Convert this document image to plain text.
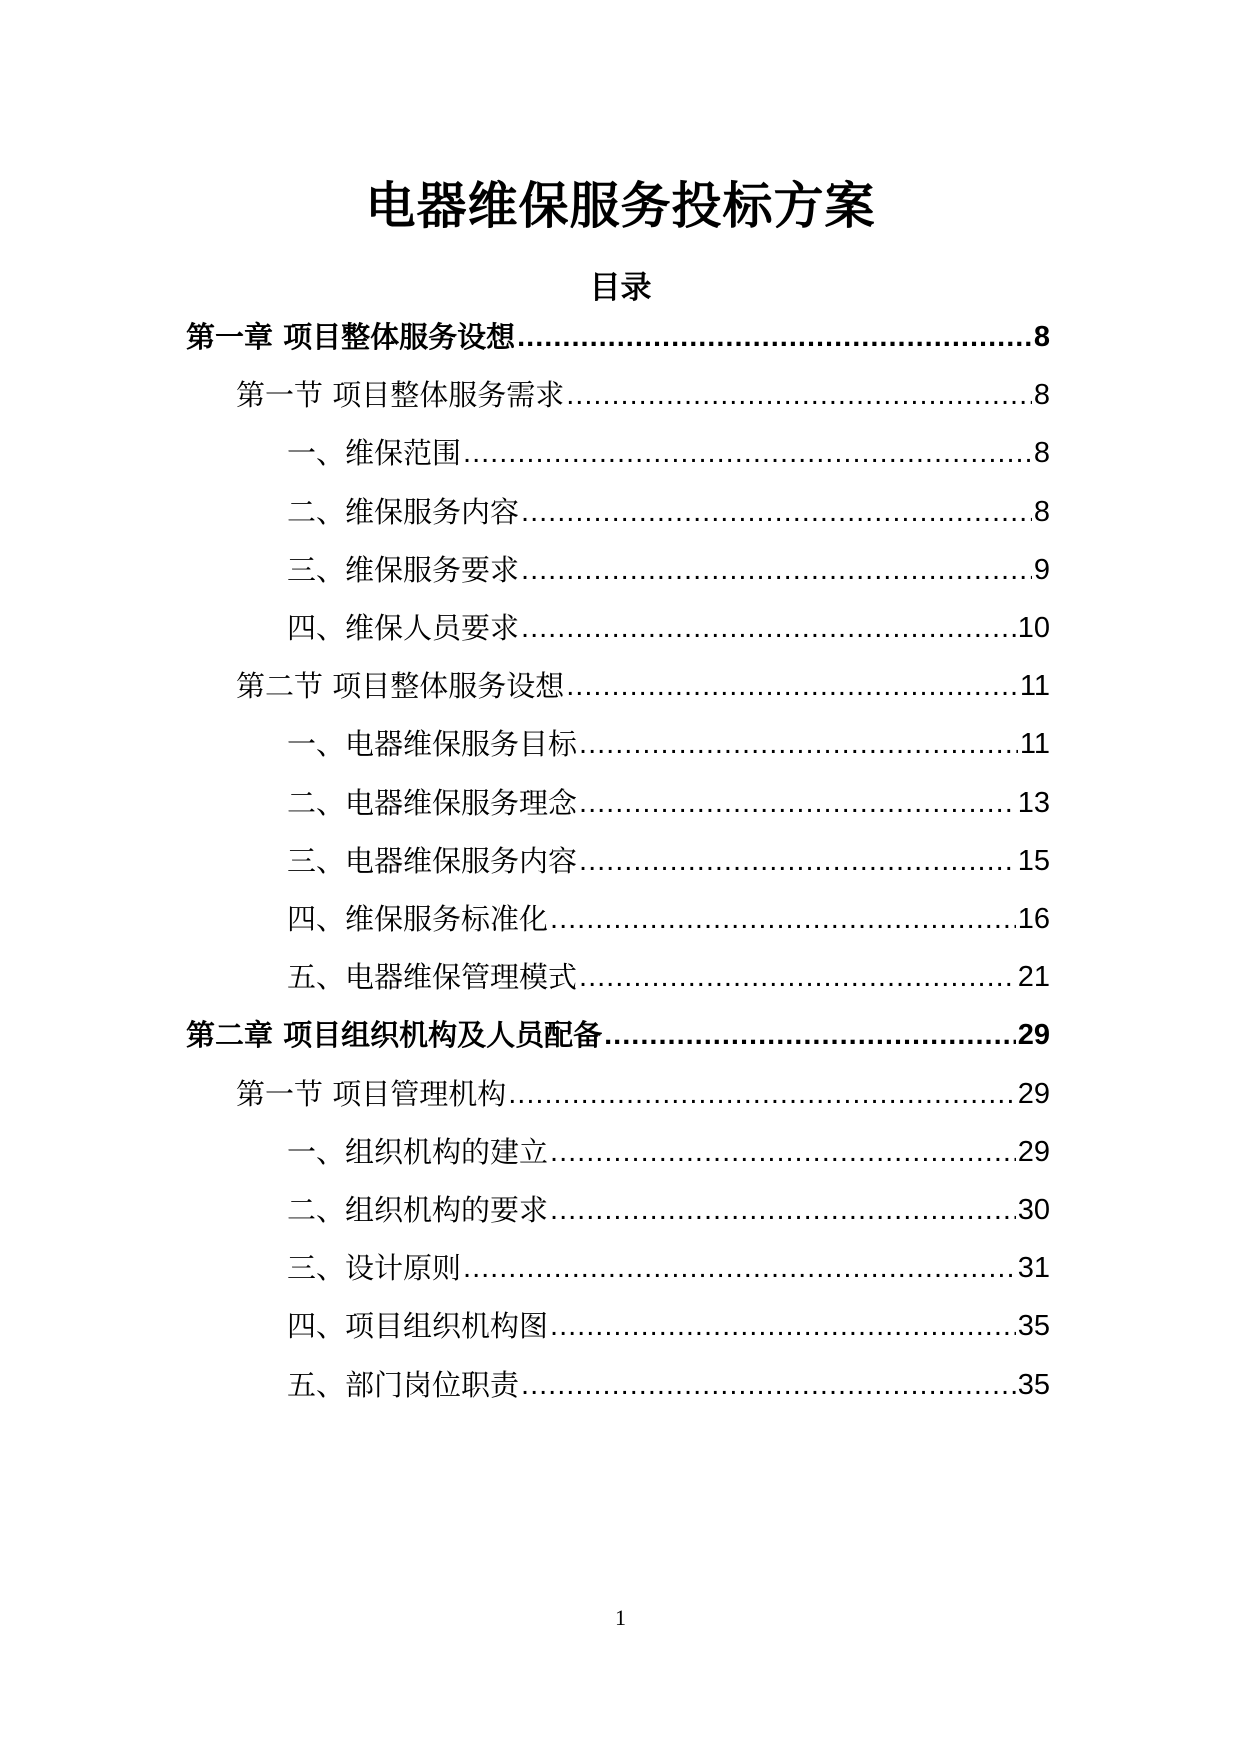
电器维保服务投标方案
目录
第一章 项目整体服务设想 .....	8
第一节 项目整体服务需求 .....	8
一、维保范围 .....	8
二、维保服务内容 .....	8
三、维保服务要求 .....	9
四、维保人员要求 .....	10
第二节 项目整体服务设想 .....	11
一、电器维保服务目标 .....	11
二、电器维保服务理念 .....	13
三、电器维保服务内容 .....	15
四、维保服务标准化 .....	16
五、电器维保管理模式 .....	21
第二章 项目组织机构及人员配备 .....	29
第一节 项目管理机构 .....	29
一、组织机构的建立 .....	29
二、组织机构的要求 .....	30
三、设计原则 .....	31
四、项目组织机构图 .....	35
五、部门岗位职责 .....	35
1
